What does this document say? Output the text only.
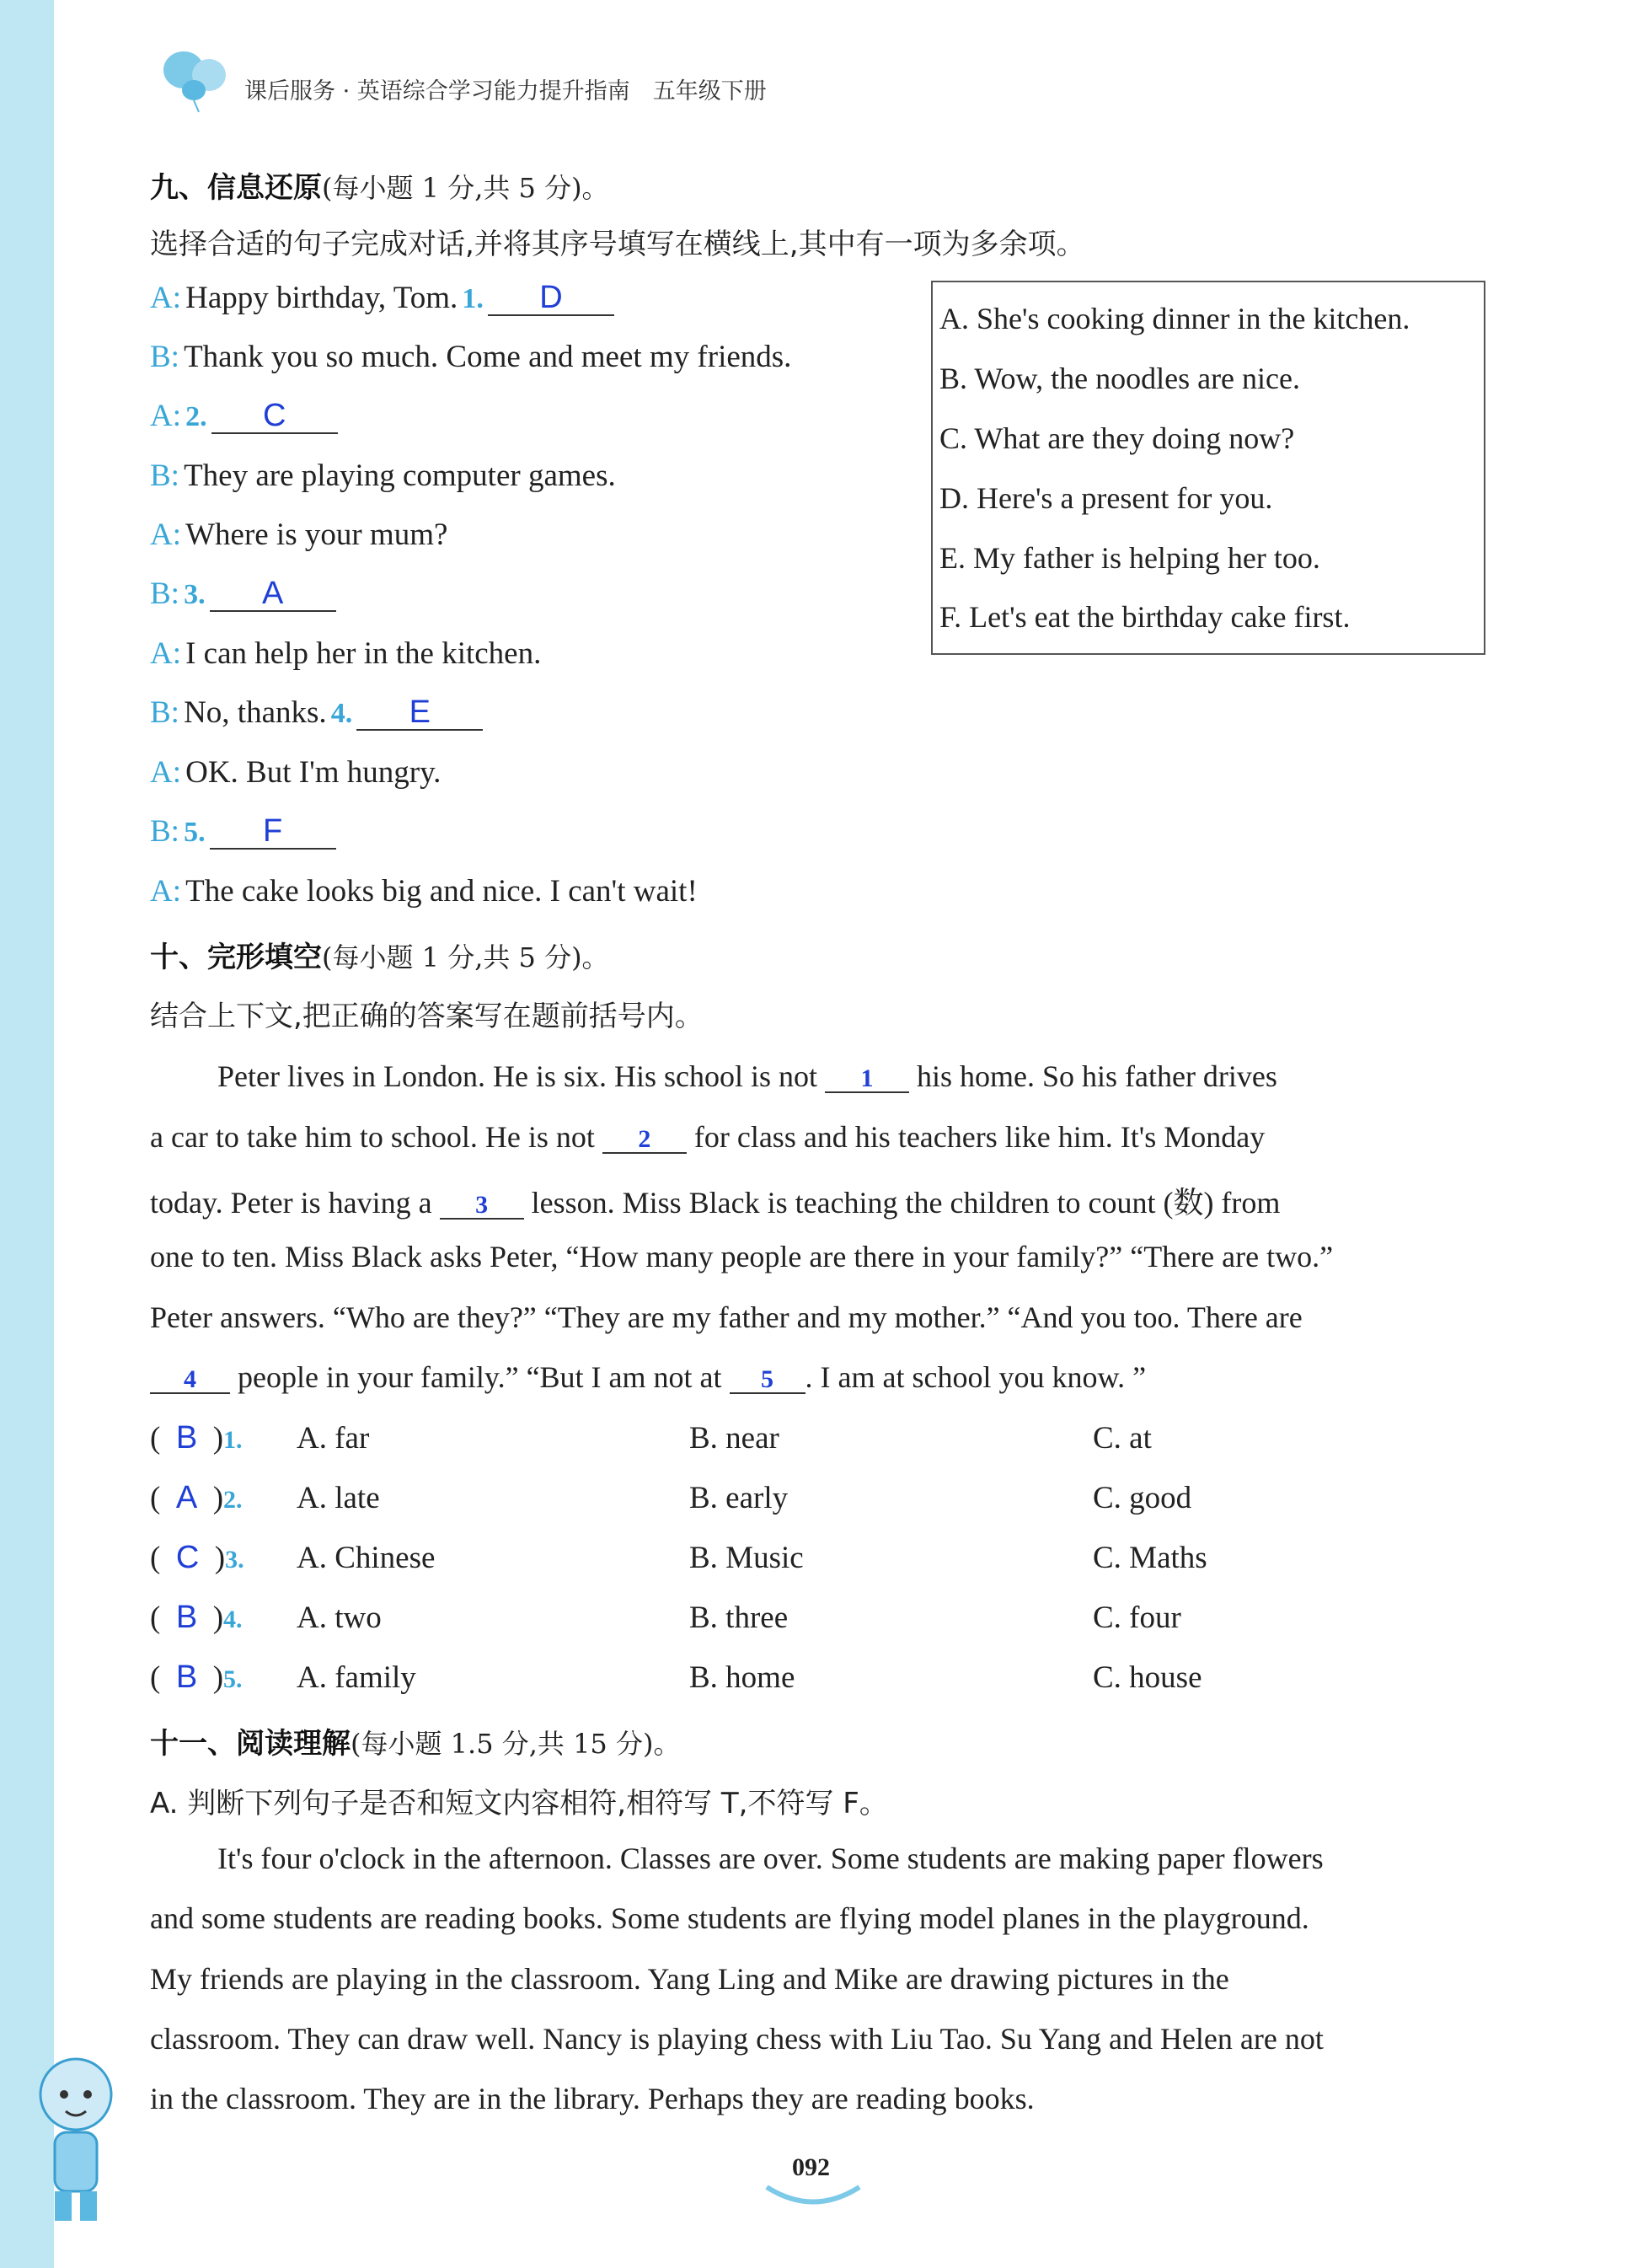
课后服务 · 英语综合学习能力提升指南　五年级下册
九、信息还原(每小题 1 分,共 5 分)。
选择合适的句子完成对话,并将其序号填写在横线上,其中有一项为多余项。
A: Happy birthday, Tom. 1. D
B: Thank you so much. Come and meet my friends.
A: 2. C
B: They are playing computer games.
A: Where is your mum?
B: 3. A
A: I can help her in the kitchen.
B: No, thanks. 4. E
A: OK. But I'm hungry.
B: 5. F
A: The cake looks big and nice. I can't wait!
A. She's cooking dinner in the kitchen.
B. Wow, the noodles are nice.
C. What are they doing now?
D. Here's a present for you.
E. My father is helping her too.
F. Let's eat the birthday cake first.
十、完形填空(每小题 1 分,共 5 分)。
结合上下文,把正确的答案写在题前括号内。
Peter lives in London. He is six. His school is not 1 his home. So his father drives
a car to take him to school. He is not 2 for class and his teachers like him. It's Monday
today. Peter is having a 3 lesson. Miss Black is teaching the children to count (数) from
one to ten. Miss Black asks Peter, “How many people are there in your family?” “There are two.”
Peter answers. “Who are they?” “They are my father and my mother.” “And you too. There are
4 people in your family.” “But I am not at 5 . I am at school you know. ”
(  B  )1. A. far	B. near	C. at
(  A  )2. A. late	B. early	C. good
(  C  )3. A. Chinese	B. Music	C. Maths
(  B  )4. A. two	B. three	C. four
(  B  )5. A. family	B. home	C. house
十一、阅读理解(每小题 1.5 分,共 15 分)。
A. 判断下列句子是否和短文内容相符,相符写 T,不符写 F。
It's four o'clock in the afternoon. Classes are over. Some students are making paper flowers
and some students are reading books. Some students are flying model planes in the playground.
My friends are playing in the classroom. Yang Ling and Mike are drawing pictures in the
classroom. They can draw well. Nancy is playing chess with Liu Tao. Su Yang and Helen are not
in the classroom. They are in the library. Perhaps they are reading books.
092
